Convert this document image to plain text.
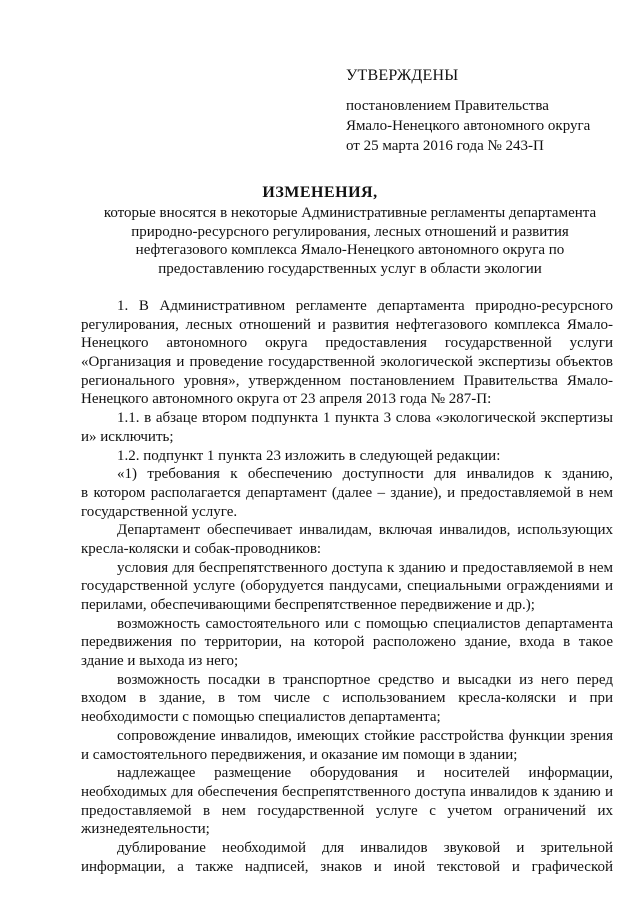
УТВЕРЖДЕНЫ
постановлением Правительства
Ямало-Ненецкого автономного округа
от 25 марта 2016 года № 243-П
ИЗМЕНЕНИЯ,
которые вносятся в некоторые Административные регламенты департамента
природно-ресурсного регулирования, лесных отношений и развития
нефтегазового комплекса Ямало-Ненецкого автономного округа по
предоставлению государственных услуг в области экологии
1. В Административном регламенте департамента природно-ресурсного
регулирования, лесных отношений и развития нефтегазового комплекса Ямало-
Ненецкого автономного округа предоставления государственной услуги
«Организация и проведение государственной экологической экспертизы объектов
регионального уровня», утвержденном постановлением Правительства Ямало-
Ненецкого автономного округа от 23 апреля 2013 года № 287-П:
1.1. в абзаце втором подпункта 1 пункта 3 слова «экологической экспертизы
и» исключить;
1.2. подпункт 1 пункта 23 изложить в следующей редакции:
«1) требования к обеспечению доступности для инвалидов к зданию,
в котором располагается департамент (далее – здание), и предоставляемой в нем
государственной услуге.
Департамент обеспечивает инвалидам, включая инвалидов, использующих
кресла-коляски и собак-проводников:
условия для беспрепятственного доступа к зданию и предоставляемой в нем
государственной услуге (оборудуется пандусами, специальными ограждениями и
перилами, обеспечивающими беспрепятственное передвижение и др.);
возможность самостоятельного или с помощью специалистов департамента
передвижения по территории, на которой расположено здание, входа в такое
здание и выхода из него;
возможность посадки в транспортное средство и высадки из него перед
входом в здание, в том числе с использованием кресла-коляски и при
необходимости с помощью специалистов департамента;
сопровождение инвалидов, имеющих стойкие расстройства функции зрения
и самостоятельного передвижения, и оказание им помощи в здании;
надлежащее размещение оборудования и носителей информации,
необходимых для обеспечения беспрепятственного доступа инвалидов к зданию и
предоставляемой в нем государственной услуге с учетом ограничений их
жизнедеятельности;
дублирование необходимой для инвалидов звуковой и зрительной
информации, а также надписей, знаков и иной текстовой и графической
